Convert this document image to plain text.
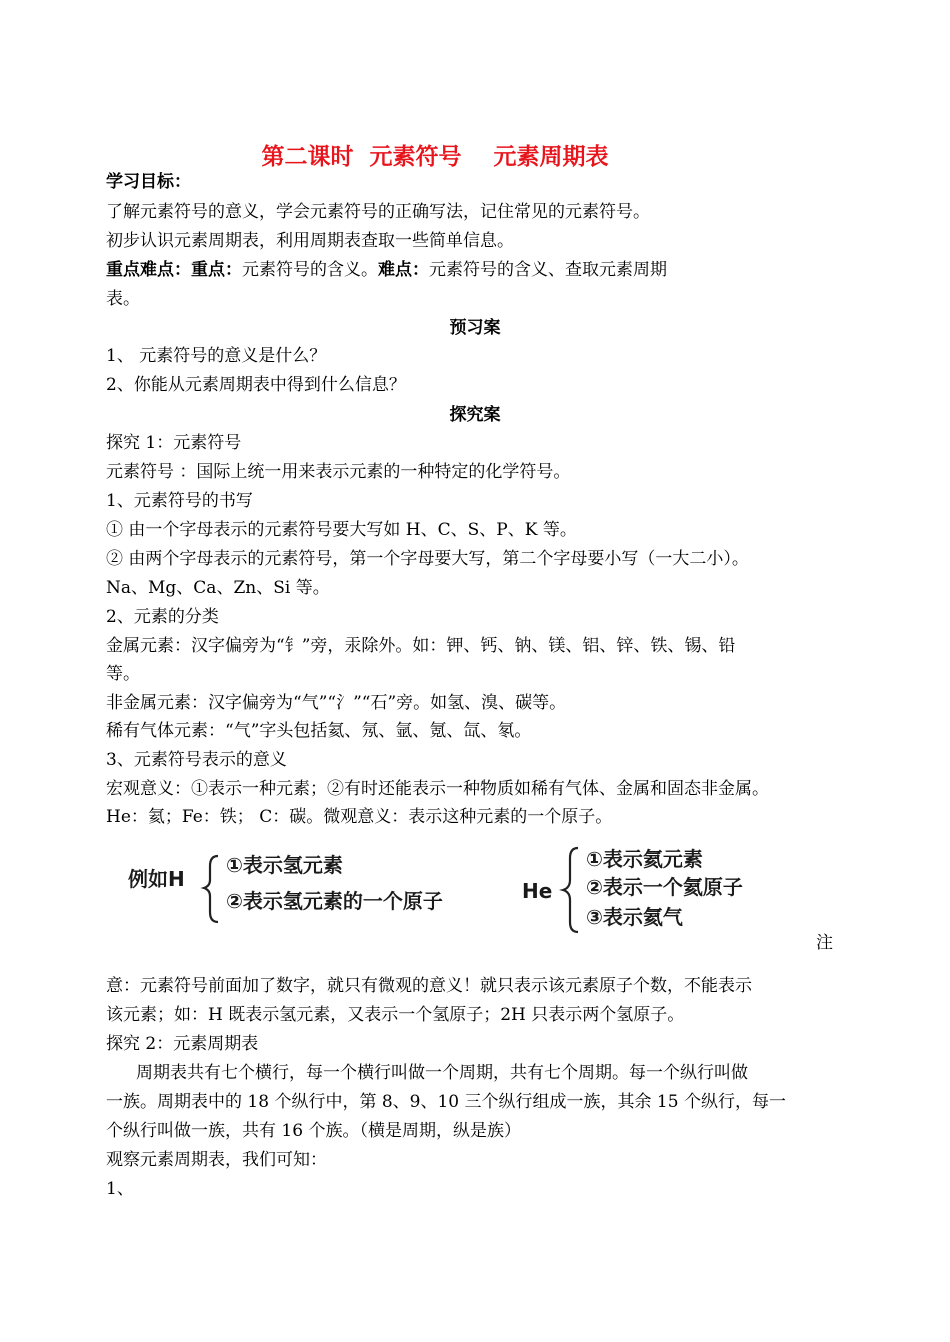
第二课时  元素符号    元素周期表
学习目标：
了解元素符号的意义，学会元素符号的正确写法，记住常见的元素符号。
初步认识元素周期表，利用周期表查取一些简单信息。
重点难点：重点：元素符号的含义。难点：元素符号的含义、查取元素周期
表。
预习案
1、 元素符号的意义是什么？
2、你能从元素周期表中得到什么信息？
探究案
探究 1：元素符号
元素符号 ：国际上统一用来表示元素的一种特定的化学符号。
1、元素符号的书写
① 由一个字母表示的元素符号要大写如 H、C、S、P、K 等。
② 由两个字母表示的元素符号，第一个字母要大写，第二个字母要小写（一大二小）。
Na、Mg、Ca、Zn、Si 等。
2、元素的分类
金属元素：汉字偏旁为“钅”旁，汞除外。如：钾、钙、钠、镁、铝、锌、铁、锡、铅
等。
非金属元素：汉字偏旁为“气”“氵”“石”旁。如氢、溴、碳等。
稀有气体元素：“气”字头包括氦、氖、氩、氪、氙、氡。
3、元素符号表示的意义
宏观意义：①表示一种元素；②有时还能表示一种物质如稀有气体、金属和固态非金属。
He：氦；Fe：铁； C：碳。微观意义：表示这种元素的一个原子。
例如H
①表示氢元素
②表示氢元素的一个原子	He
①表示氦元素
②表示一个氦原子
③表示氦气
注
意：元素符号前面加了数字，就只有微观的意义！就只表示该元素原子个数，不能表示
该元素；如：H 既表示氢元素，又表示一个氢原子；2H 只表示两个氢原子。
探究 2：元素周期表
周期表共有七个横行，每一个横行叫做一个周期，共有七个周期。每一个纵行叫做
一族。周期表中的 18 个纵行中，第 8、9、10 三个纵行组成一族，其余 15 个纵行，每一
个纵行叫做一族，共有 16 个族。（横是周期，纵是族）
观察元素周期表，我们可知：
1、
